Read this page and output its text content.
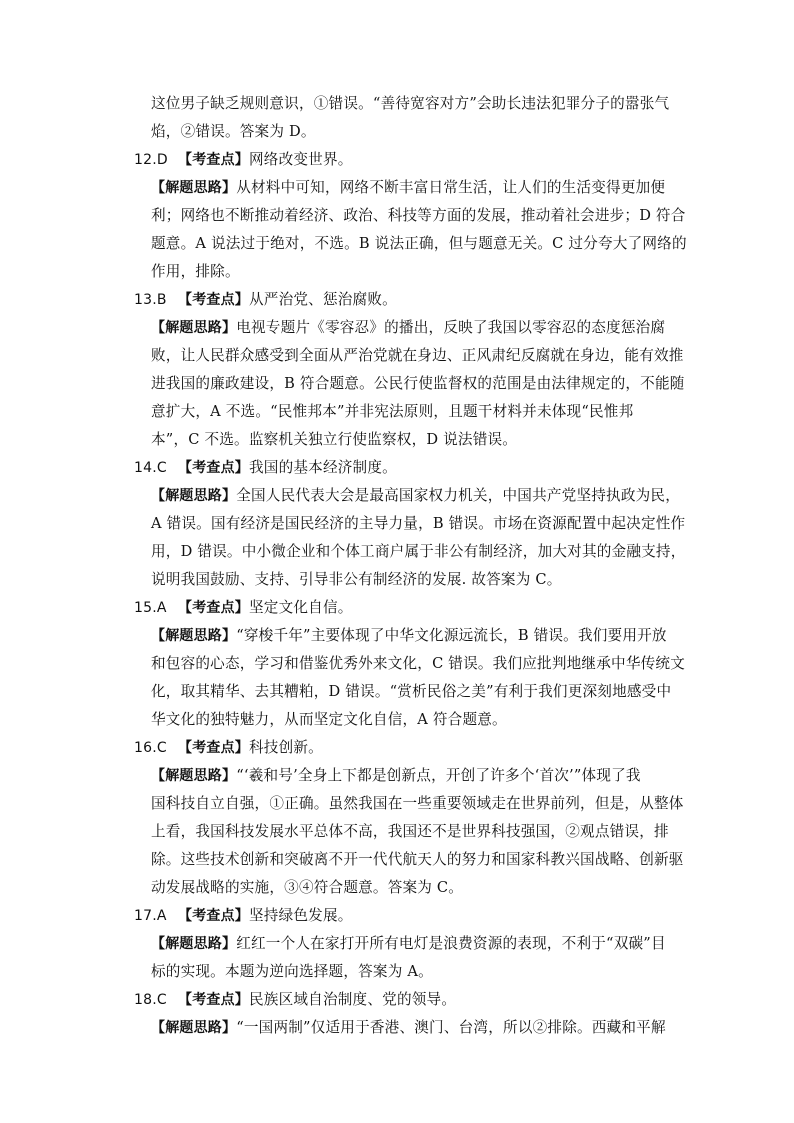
这位男子缺乏规则意识，①错误。“善待宽容对方”会助长违法犯罪分子的嚣张气
焰，②错误。答案为 D。
12.D 【考查点】网络改变世界。
【解题思路】从材料中可知，网络不断丰富日常生活，让人们的生活变得更加便
利；网络也不断推动着经济、政治、科技等方面的发展，推动着社会进步；D 符合
题意。A 说法过于绝对，不选。B 说法正确，但与题意无关。C 过分夸大了网络的
作用，排除。
13.B 【考查点】从严治党、惩治腐败。
【解题思路】电视专题片《零容忍》的播出，反映了我国以零容忍的态度惩治腐
败，让人民群众感受到全面从严治党就在身边、正风肃纪反腐就在身边，能有效推
进我国的廉政建设，B 符合题意。公民行使监督权的范围是由法律规定的，不能随
意扩大，A 不选。“民惟邦本”并非宪法原则，且题干材料并未体现“民惟邦
本”，C 不选。监察机关独立行使监察权，D 说法错误。
14.C 【考查点】我国的基本经济制度。
【解题思路】全国人民代表大会是最高国家权力机关，中国共产党坚持执政为民，
A 错误。国有经济是国民经济的主导力量，B 错误。市场在资源配置中起决定性作
用，D 错误。中小微企业和个体工商户属于非公有制经济，加大对其的金融支持，
说明我国鼓励、支持、引导非公有制经济的发展. 故答案为 C。
15.A 【考查点】坚定文化自信。
【解题思路】“穿梭千年”主要体现了中华文化源远流长，B 错误。我们要用开放
和包容的心态，学习和借鉴优秀外来文化，C 错误。我们应批判地继承中华传统文
化，取其精华、去其糟粕，D 错误。“赏析民俗之美”有利于我们更深刻地感受中
华文化的独特魅力，从而坚定文化自信，A 符合题意。
16.C 【考查点】科技创新。
【解题思路】“‘羲和号’全身上下都是创新点，开创了许多个‘首次’”体现了我
国科技自立自强，①正确。虽然我国在一些重要领域走在世界前列，但是，从整体
上看，我国科技发展水平总体不高，我国还不是世界科技强国，②观点错误，排
除。这些技术创新和突破离不开一代代航天人的努力和国家科教兴国战略、创新驱
动发展战略的实施，③④符合题意。答案为 C。
17.A 【考查点】坚持绿色发展。
【解题思路】红红一个人在家打开所有电灯是浪费资源的表现，不利于“双碳”目
标的实现。本题为逆向选择题，答案为 A。
18.C 【考查点】民族区域自治制度、党的领导。
【解题思路】“一国两制”仅适用于香港、澳门、台湾，所以②排除。西藏和平解
